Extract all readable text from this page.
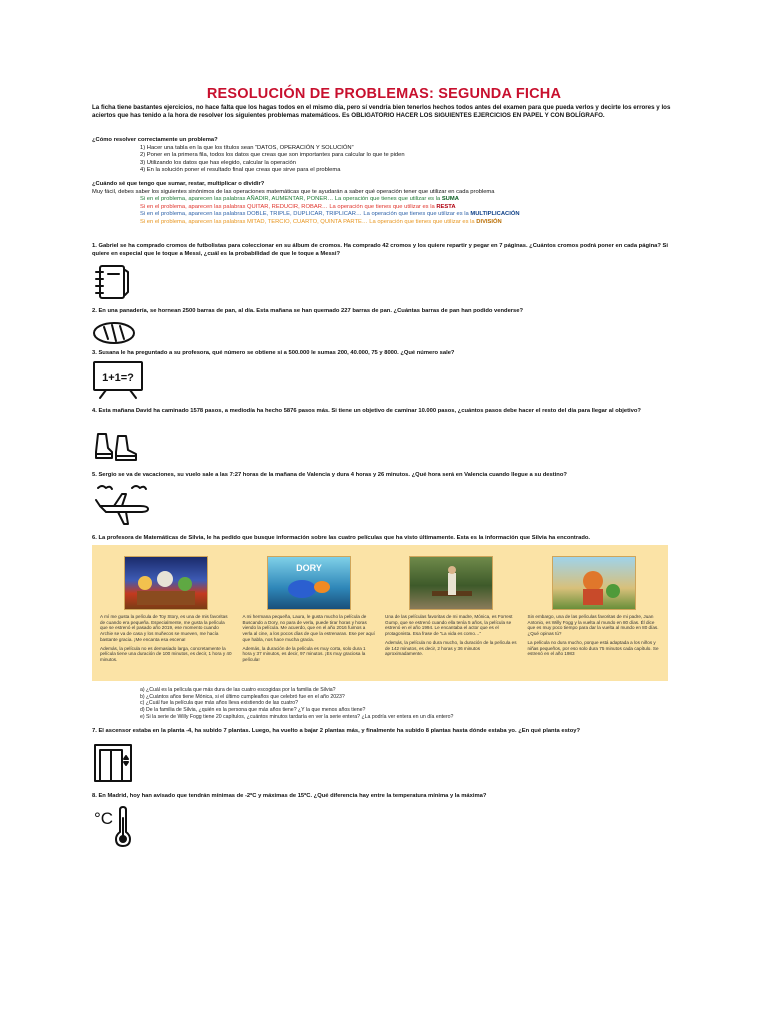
RESOLUCIÓN DE PROBLEMAS: SEGUNDA FICHA
La ficha tiene bastantes ejercicios, no hace falta que los hagas todos en el mismo día, pero sí vendría bien tenerlos hechos todos antes del examen para que pueda verlos y decirte los errores y los aciertos que has tenido a la hora de resolver los siguientes problemas matemáticos. Es OBLIGATORIO HACER LOS SIGUIENTES EJERCICIOS EN PAPEL Y CON BOLÍGRAFO.
¿Cómo resolver correctamente un problema?
1) Hacer una tabla en la que los títulos sean “DATOS, OPERACIÓN Y SOLUCIÓN”
2) Poner en la primera fila, todos los datos que creas que son importantes para calcular lo que te piden
3) Utilizando los datos que has elegido, calcular la operación
4) En la solución poner el resultado final que creas que sirve para el problema
¿Cuándo sé que tengo que sumar, restar, multiplicar o dividir?
Muy fácil, debes saber los siguientes sinónimos de las operaciones matemáticas que te ayudarán a saber qué operación tener que utilizar en cada problema
Si en el problema, aparecen las palabras AÑADIR, AUMENTAR, PONER… La operación que tienes que utilizar es la SUMA
Si en el problema, aparecen las palabras QUITAR, REDUCIR, ROBAR… La operación que tienes que utilizar es la RESTA
Si en el problema, aparecen las palabras DOBLE, TRIPLE, DUPLICAR, TRIPLICAR… La operación que tienes que utilizar es la MULTIPLICACIÓN
Si en el problema, aparecen las palabras MITAD, TERCIO, CUARTO, QUINTA PARTE… La operación que tienes que utilizar es la DIVISIÓN
1. Gabriel se ha comprado cromos de futbolistas para coleccionar en su álbum de cromos. Ha comprado 42 cromos y los quiere repartir y pegar en 7 páginas. ¿Cuántos cromos podrá poner en cada página? Si quiere en especial que le toque a Messi, ¿cuál es la probabilidad de que le toque a Messi?
2. En una panadería, se hornean 2500 barras de pan, al día. Esta mañana se han quemado 227 barras de pan. ¿Cuántas barras de pan han podido venderse?
3. Susana le ha preguntado a su profesora, qué número se obtiene si a 500.000 le sumas 200, 40.000, 75 y 8000. ¿Qué número sale?
1+1=?
4. Esta mañana David ha caminado 1578 pasos, a mediodía ha hecho 5876 pasos más. Si tiene un objetivo de caminar 10.000 pasos, ¿cuántos pasos debe hacer el resto del día para llegar al objetivo?
5. Sergio se va de vacaciones, su vuelo sale a las 7:27 horas de la mañana de Valencia y dura 4 horas y 26 minutos. ¿Qué hora será en Valencia cuando llegue a su destino?
6. La profesora de Matemáticas de Silvia, le ha pedido que busque información sobre las cuatro películas que ha visto últimamente. Esta es la información que Silvia ha encontrado.

A mí me gusta la película de Toy Story, es una de mis favoritas de cuando era pequeña. Especialmente, me gusta la película que se estrenó el pasado año 2019, ese momento cuando Archie se va de casa y los muñecos se mueven, me hacía bastante gracia. ¡Me encanta esa escena!

Además, la película no es demasiado larga, concretamente la película tiene una duración de 100 minutos, es decir, 1 hora y 40 minutos.

DORY

A mi hermana pequeña, Laura, le gusta mucho la película de Buscando a Dory, no para de verla, puede tirar horas y horas viendo la película. Me acuerdo, que en el año 2016 fuimos a verla al cine, a los pocos días de que la estrenaran. Ese per aquí que habla, nos hace mucha gracia.

Además, la duración de la película es muy corta, solo dura 1 hora y 37 minutos, es decir, 97 minutos. ¡Es muy graciosa la película!

Una de las películas favoritas de mi madre, Mónica, es Forrest Gump, que se estrenó cuando ella tenía 5 años, la película se estrenó en el año 1994. Le encantaba el actor que es el protagonista. Esa frase de “La vida es como…”

Además, la película no dura mucho, la duración de la película es de 142 minutos, es decir, 2 horas y 36 minutos aproximadamente.

Sin embargo, una de las películas favoritas de mi padre, Juan Antonio, es Willy Fogg y la vuelta al mundo en 80 días. Él dice que es muy poco tiempo para dar la vuelta al mundo en 80 días. ¿Qué opinas tú?

La película no dura mucho, porque está adaptada a los niños y niñas pequeños, por eso solo dura 75 minutos cada capítulo. Se estrenó en el año 1983

a) ¿Cuál es la película que más dura de las cuatro escogidas por la familia de Silvia?
b) ¿Cuántos años tiene Mónica, si el último cumpleaños que celebró fue en el año 2023?
c) ¿Cuál fue la película que más años lleva existiendo de las cuatro?
d) De la familia de Silvia, ¿quién es la persona que más años tiene? ¿Y la que menos años tiene?
e) Si la serie de Willy Fogg tiene 20 capítulos, ¿cuántos minutos tardaría en ver la serie entera? ¿La podría ver entera en un día entero?
7. El ascensor estaba en la planta -4, ha subido 7 plantas. Luego, ha vuelto a bajar 2 plantas más, y finalmente ha subido 8 plantas hasta dónde estaba yo. ¿En qué planta estoy?
8. En Madrid, hoy han avisado que tendrán mínimas de -2ºC y máximas de 15ºC. ¿Qué diferencia hay entre la temperatura mínima y la máxima?
°C
